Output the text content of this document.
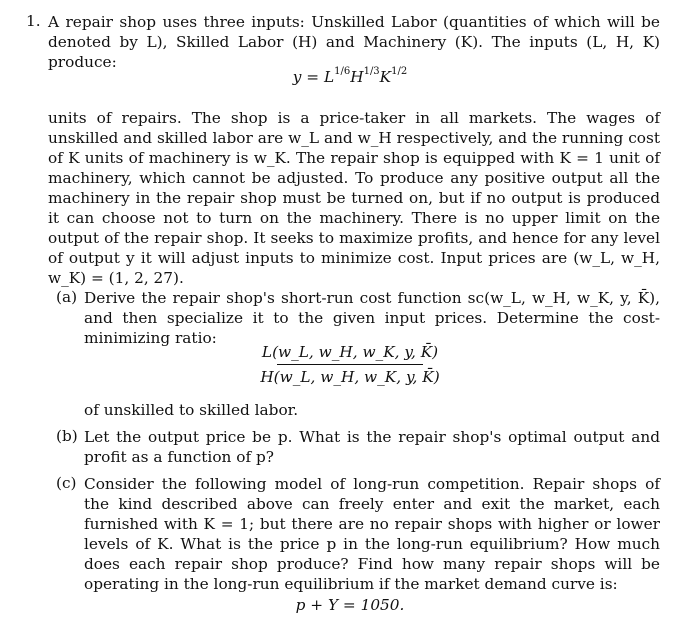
1. A repair shop uses three inputs: Unskilled Labor (quantities of which will be denoted by L), Skilled Labor (H) and Machinery (K). The inputs (L, H, K) produce:

$y = L^{1/6}H^{1/3}K^{1/2}$

units of repairs. The shop is a price-taker in all markets. The wages of unskilled and skilled labor are w_L and w_H respectively, and the running cost of K units of machinery is w_K. The repair shop is equipped with K = 1 unit of machinery, which cannot be adjusted. To produce any positive output all the machinery in the repair shop must be turned on, but if no output is produced it can choose not to turn on the machinery. There is no upper limit on the output of the repair shop. It seeks to maximize profits, and hence for any level of output y it will adjust inputs to minimize cost. Input prices are (w_L, w_H, w_K) = (1, 2, 27).

(a) Derive the repair shop's short-run cost function sc(w_L, w_H, w_K, y, K̄), and then specialize it to the given input prices. Determine the cost-minimizing ratio:

L(w_L, w_H, w_K, y, K̄)
H(w_L, w_H, w_K, y, K̄)

of unskilled to skilled labor.

(b) Let the output price be p. What is the repair shop's optimal output and profit as a function of p?

(c) Consider the following model of long-run competition. Repair shops of the kind described above can freely enter and exit the market, each furnished with K = 1; but there are no repair shops with higher or lower levels of K. What is the price p in the long-run equilibrium? How much does each repair shop produce? Find how many repair shops will be operating in the long-run equilibrium if the market demand curve is:

p + Y = 1050.
